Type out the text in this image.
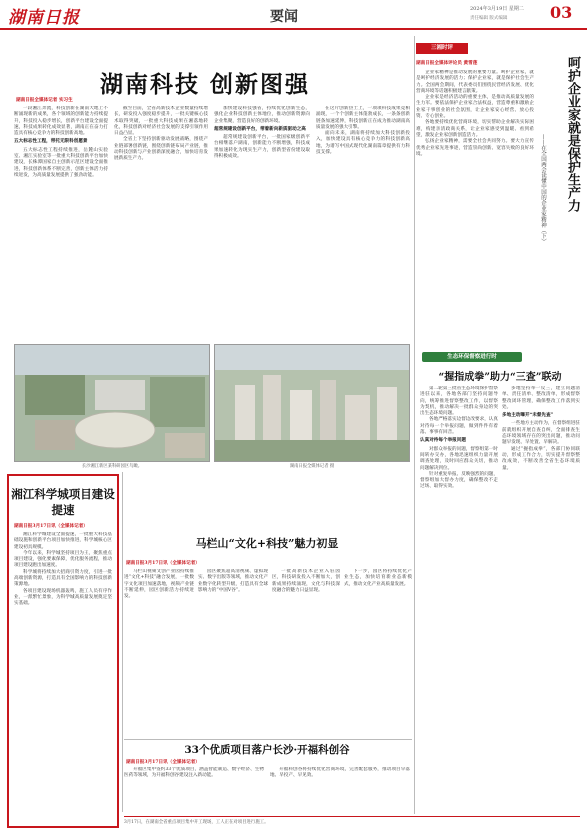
湖南日报	要闻	2024年3月19日 星期二
责任编辑 版式编辑	03
湖南科技 创新图强
湖南日报全媒体记者 实习生

一段湘江奔流，科技创新在湖南大地上不断涌现新的成果，各个领域的创新能力持续提升，科技投入稳步增长，创新平台建设全面提速，科技成果转化成效显著，湖南正在奋力打造具有核心竞争力的科技创新高地。

五大标志性工程，带托无限科创愿景

五大标志性工程持续推进，岳麓山实验室、湘江实验室等一批重大科技创新平台加快建设，长株潭国家自主创新示范区建设全面推进，科技创新体系不断完善，创新主体活力持续迸发，为高质量发展提供了强劲动能。

截至目前，全省高新技术企业数量持续增长，研发投入强度稳步提升，一批关键核心技术取得突破，一批重大科技成果在湘落地转化，科技创新对经济社会发展的支撑引领作用日益凸显。

全省上下坚持创新驱动发展战略，围绕产业链部署创新链，围绕创新链布局产业链，推动科技创新与产业创新深度融合，加快培育发展新质生产力。

加快建设科技强省，持续优化创新生态，强化企业科技创新主体地位，推动创新资源向企业集聚，营造良好的创新环境。

超常规建设创新平台，带着新向新质驱动之高

超常规建设创新平台，一批国家级创新平台相继落户湖南，创新能力不断增强，科技成果加速转化为现实生产力，创新型省份建设取得积极成效。

在这片创新热土上，一项项科技成果竞相涌现，一个个创新主体蓬勃成长，一条条创新链条加速延伸，科技创新正在成为推动湖南高质量发展的强大引擎。

面向未来，湖南将持续加大科技创新投入，加快建设具有核心竞争力的科技创新高地，为谱写中国式现代化湖南篇章提供有力科技支撑。

长沙湘江新区某科研园区鸟瞰。	湖南日报全媒体记者 摄
三湘时评
呵护企业家就是保护生产力
——在全国两会读懂中国的企业家精神（下）
湖南日报全媒体评论员 黄雪莲

企业家精神是推动发展的重要力量。呵护企业家，就是呵护经济发展的活力；保护企业家，就是保护社会生产力。全国两会期间，代表委员们围绕民营经济发展、优化营商环境等话题积极建言献策。

企业家是经济活动的重要主体，是推动高质量发展的生力军。要依法保护企业家合法权益，营造尊重和激励企业家干事创业的社会氛围，让企业家安心经营、放心投资、专心创业。

各地要持续优化营商环境，切实帮助企业解决实际困难，构建亲清政商关系，让企业家感受到温暖、看到希望，激发企业家创新创造活力。

弘扬企业家精神，需要全社会共同努力。要大力宣传优秀企业家先进事迹，营造崇尚创新、宽容失败的良好环境。

生态环保督察进行时
“握指成拳”助力“三查”联动

第二轮第三批省生态环境保护督察进驻以来，各地各部门坚持问题导向，统筹推进督察整改工作，以督察为契机，推动解决一批群众身边的突出生态环境问题。

各地严格落实边督边改要求，认真对待每一个举报问题，做到件件有着落、事事有回音。

认真对待每个举报问题

对群众举报的问题，督察组第一时间转办交办，各地迅速组织力量开展调查处理，及时回应群众关切，推动问题解决到位。

针对重复举报、反映强烈的问题，督察组加大督办力度，确保整改不走过场、取得实效。

多地坚持举一反三，建立问题清单、责任清单、整改清单，形成督察整改闭环管理，确保整改工作落到实处。

多地主动曝开“未督先查”

一些地方主动作为，在督察组进驻前就组织开展自查自纠，全面排查生态环境领域存在的突出问题，推动问题早发现、早处置、早解决。

通过“握指成拳”，各部门协同联动，形成工作合力，切实提升督察整改成效，不断改善全省生态环境质量。

马栏山“文化+科技”魅力初显
湖南日报3月17日讯（全媒体记者）

马栏山视频文创产业园持续推进“文化+科技”融合发展，一批数字文化项目加速落地，视频产业链不断延伸，园区创新活力持续迸发。

园区聚焦超高清视频、虚拟现实、数字出版等领域，推动文化产业数字化转型升级，打造具有全球影响力的“中国V谷”。

一批高新技术企业入驻园区，科技研发投入不断加大，创新成果持续涌现，文化与科技深度融合的魅力日益显现。

下一步，园区将持续优化产业生态，加快培育新业态新模式，推动文化产业高质量发展。

33个优质项目落户长沙·开福科创谷
湖南日报3月17日讯（全媒体记者）

开福区集中签约33个优质项目，涵盖智能制造、数字经济、生物医药等领域，为开福科创谷建设注入新动能。

开福科创谷将持续优化营商环境，完善配套服务，推动项目早落地、早投产、早见效。

湘江科学城项目建设提速
湖南日报3月17日讯（全媒体记者）

湘江科学城建设全面提速，一批重大科技基础设施和创新平台项目加快推进，科学城核心区建设初具规模。

今年以来，科学城坚持项目为王，聚焦重点项目建设，强化要素保障，优化服务流程，推动项目建设跑出加速度。

科学城将持续加大招商引资力度，引进一批高端创新资源，打造具有全国影响力的科技创新策源地。

各项目建设现场机器轰鸣，施工人员有序作业，一派繁忙景象，为科学城高质量发展奠定坚实基础。

3月17日，在湖南全省重点项目集中开工现场，工人正在对项目进行施工。
